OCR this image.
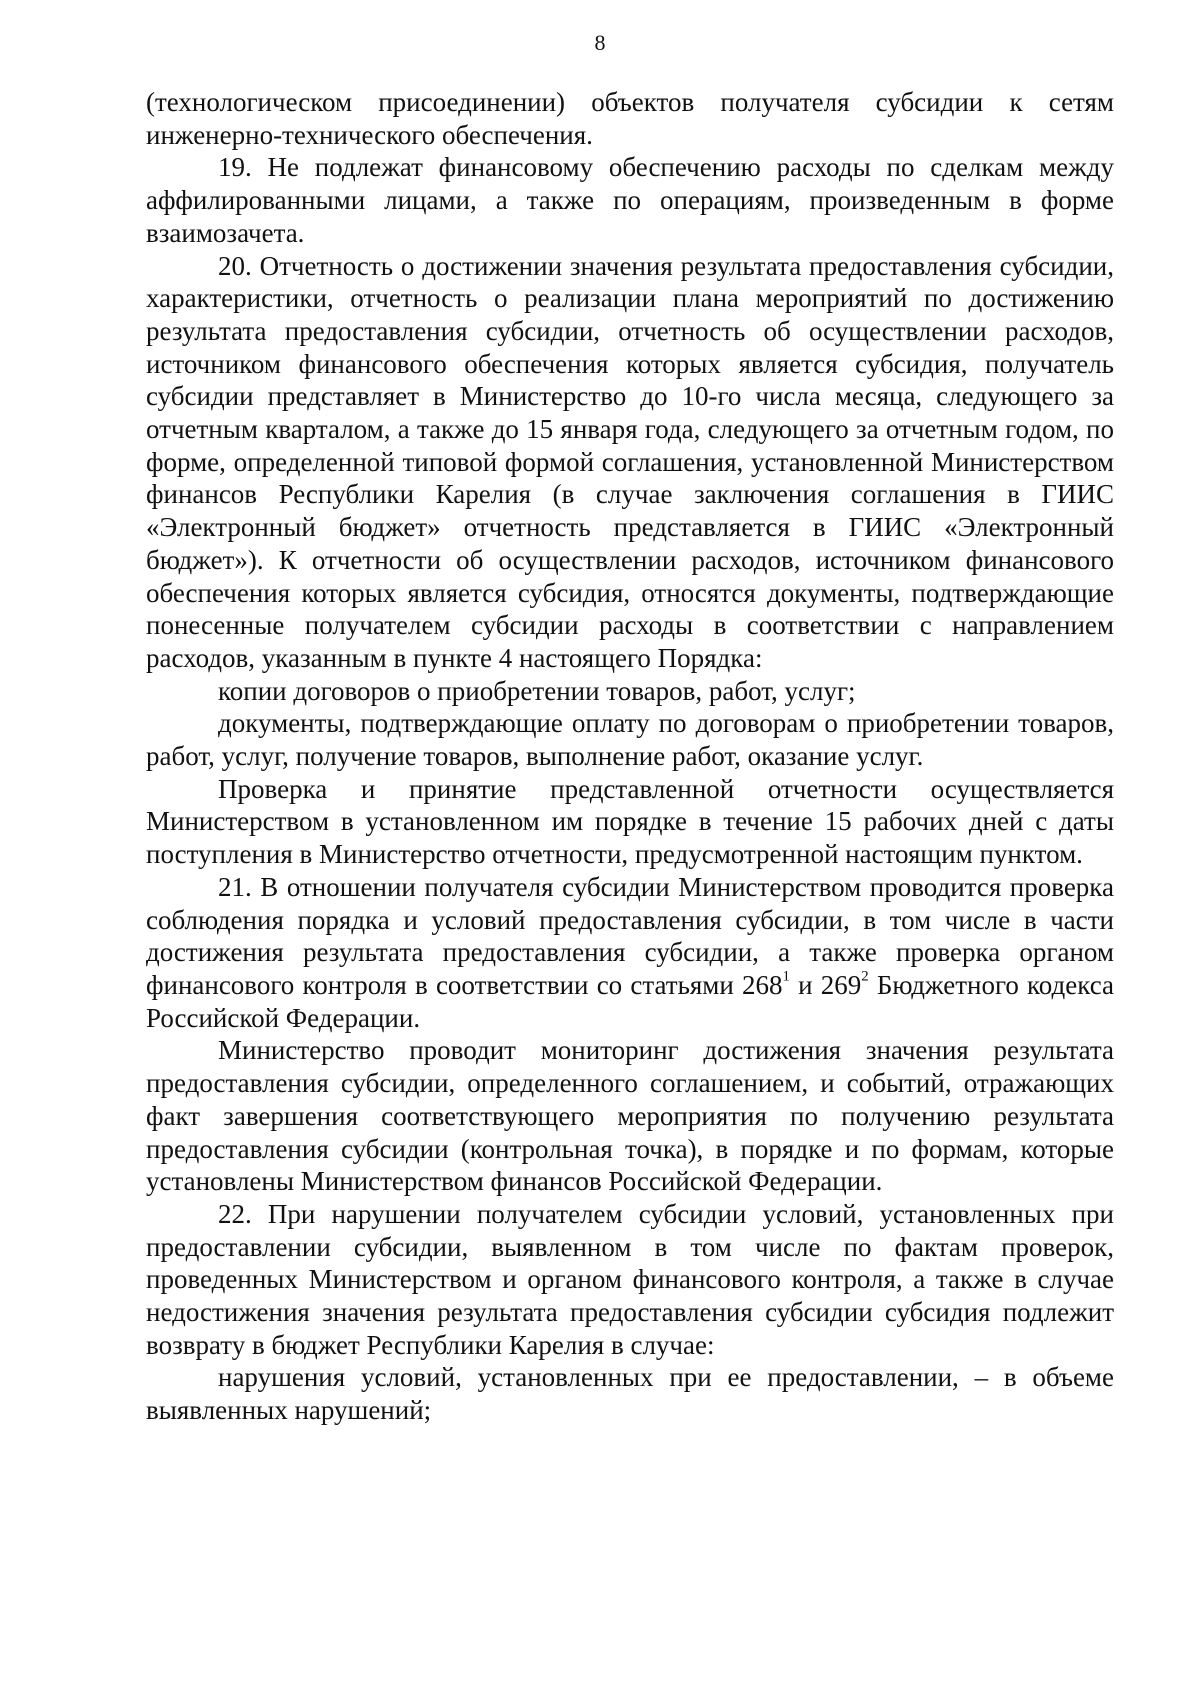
8

(технологическом присоединении) объектов получателя субсидии к сетям инженерно-технического обеспечения.

19. Не подлежат финансовому обеспечению расходы по сделкам между аффилированными лицами, а также по операциям, произведенным в форме взаимозачета.

20. Отчетность о достижении значения результата предоставления субсидии, характеристики, отчетность о реализации плана мероприятий по достижению результата предоставления субсидии, отчетность об осуществлении расходов, источником финансового обеспечения которых является субсидия, получатель субсидии представляет в Министерство до 10-го числа месяца, следующего за отчетным кварталом, а также до 15 января года, следующего за отчетным годом, по форме, определенной типовой формой соглашения, установленной Министерством финансов Республики Карелия (в случае заключения соглашения в ГИИС «Электронный бюджет» отчетность представляется в ГИИС «Электронный бюджет»). К отчетности об осуществлении расходов, источником финансового обеспечения которых является субсидия, относятся документы, подтверждающие понесенные получателем субсидии расходы в соответствии с направлением расходов, указанным в пункте 4 настоящего Порядка:

копии договоров о приобретении товаров, работ, услуг;

документы, подтверждающие оплату по договорам о приобретении товаров, работ, услуг, получение товаров, выполнение работ, оказание услуг.

Проверка и принятие представленной отчетности осуществляется Министерством в установленном им порядке в течение 15 рабочих дней с даты поступления в Министерство отчетности, предусмотренной настоящим пунктом.

21. В отношении получателя субсидии Министерством проводится проверка соблюдения порядка и условий предоставления субсидии, в том числе в части достижения результата предоставления субсидии, а также проверка органом финансового контроля в соответствии со статьями $268^1$ и $269^2$ Бюджетного кодекса Российской Федерации.

Министерство проводит мониторинг достижения значения результата предоставления субсидии, определенного соглашением, и событий, отражающих факт завершения соответствующего мероприятия по получению результата предоставления субсидии (контрольная точка), в порядке и по формам, которые установлены Министерством финансов Российской Федерации.

22. При нарушении получателем субсидии условий, установленных при предоставлении субсидии, выявленном в том числе по фактам проверок, проведенных Министерством и органом финансового контроля, а также в случае недостижения значения результата предоставления субсидии субсидия подлежит возврату в бюджет Республики Карелия в случае:

нарушения условий, установленных при ее предоставлении, – в объеме выявленных нарушений;
